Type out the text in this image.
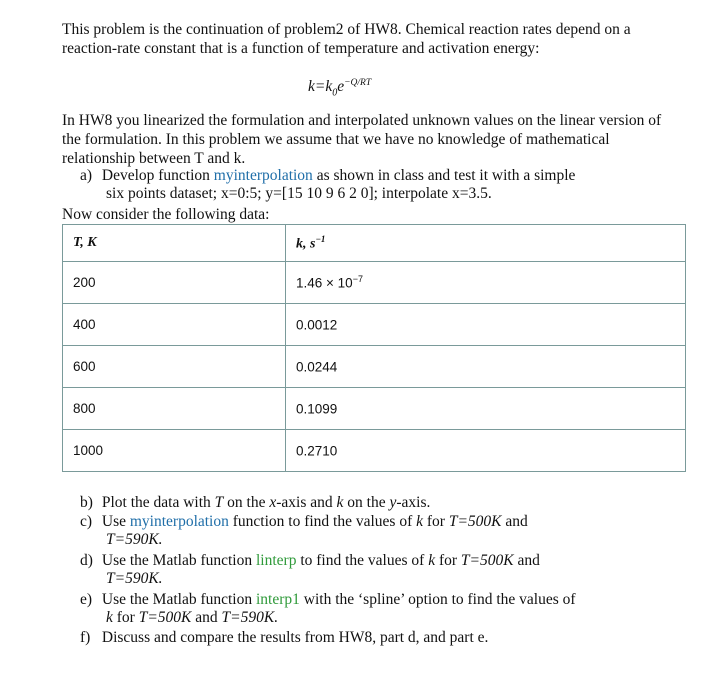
This problem is the continuation of problem2 of HW8. Chemical reaction rates depend on a reaction-rate constant that is a function of temperature and activation energy:

$k=k_0e^{-Q/RT}$

In HW8 you linearized the formulation and interpolated unknown values on the linear version of the formulation. In this problem we assume that we have no knowledge of mathematical relationship between T and k.

a) Develop function myinterpolation as shown in class and test it with a simple
six points dataset; x=0:5; y=[15 10 9 6 2 0]; interpolate x=3.5.

Now consider the following data:

T, K	k, $s^{-1}$
200	$1.46 \times 10^{-7}$
400	0.0012
600	0.0244
800	0.1099
1000	0.2710
b) Plot the data with T on the x-axis and k on the y-axis.
c) Use myinterpolation function to find the values of k for T=500K and
T=590K.
d) Use the Matlab function linterp to find the values of k for T=500K and
T=590K.
e) Use the Matlab function interp1 with the ‘spline’ option to find the values of
k for T=500K and T=590K.
f) Discuss and compare the results from HW8, part d, and part e.
